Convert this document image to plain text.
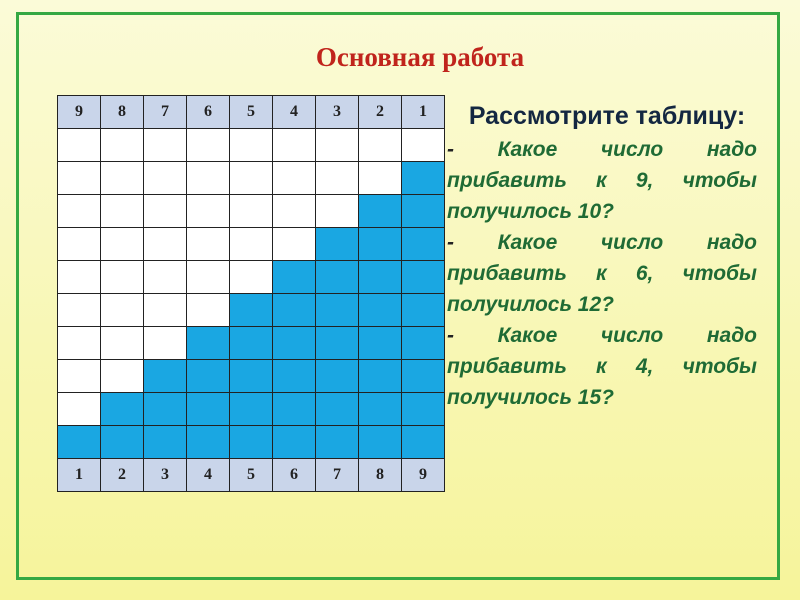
Основная работа
9	8	7	6	5	4	3	2	1
1	2	3	4	5	6	7	8	9
Рассмотрите таблицу:
- Какое число надо прибавить к 9, чтобы получилось 10?
- Какое число надо прибавить к 6, чтобы получилось 12?
- Какое число надо прибавить к 4, чтобы получилось 15?
